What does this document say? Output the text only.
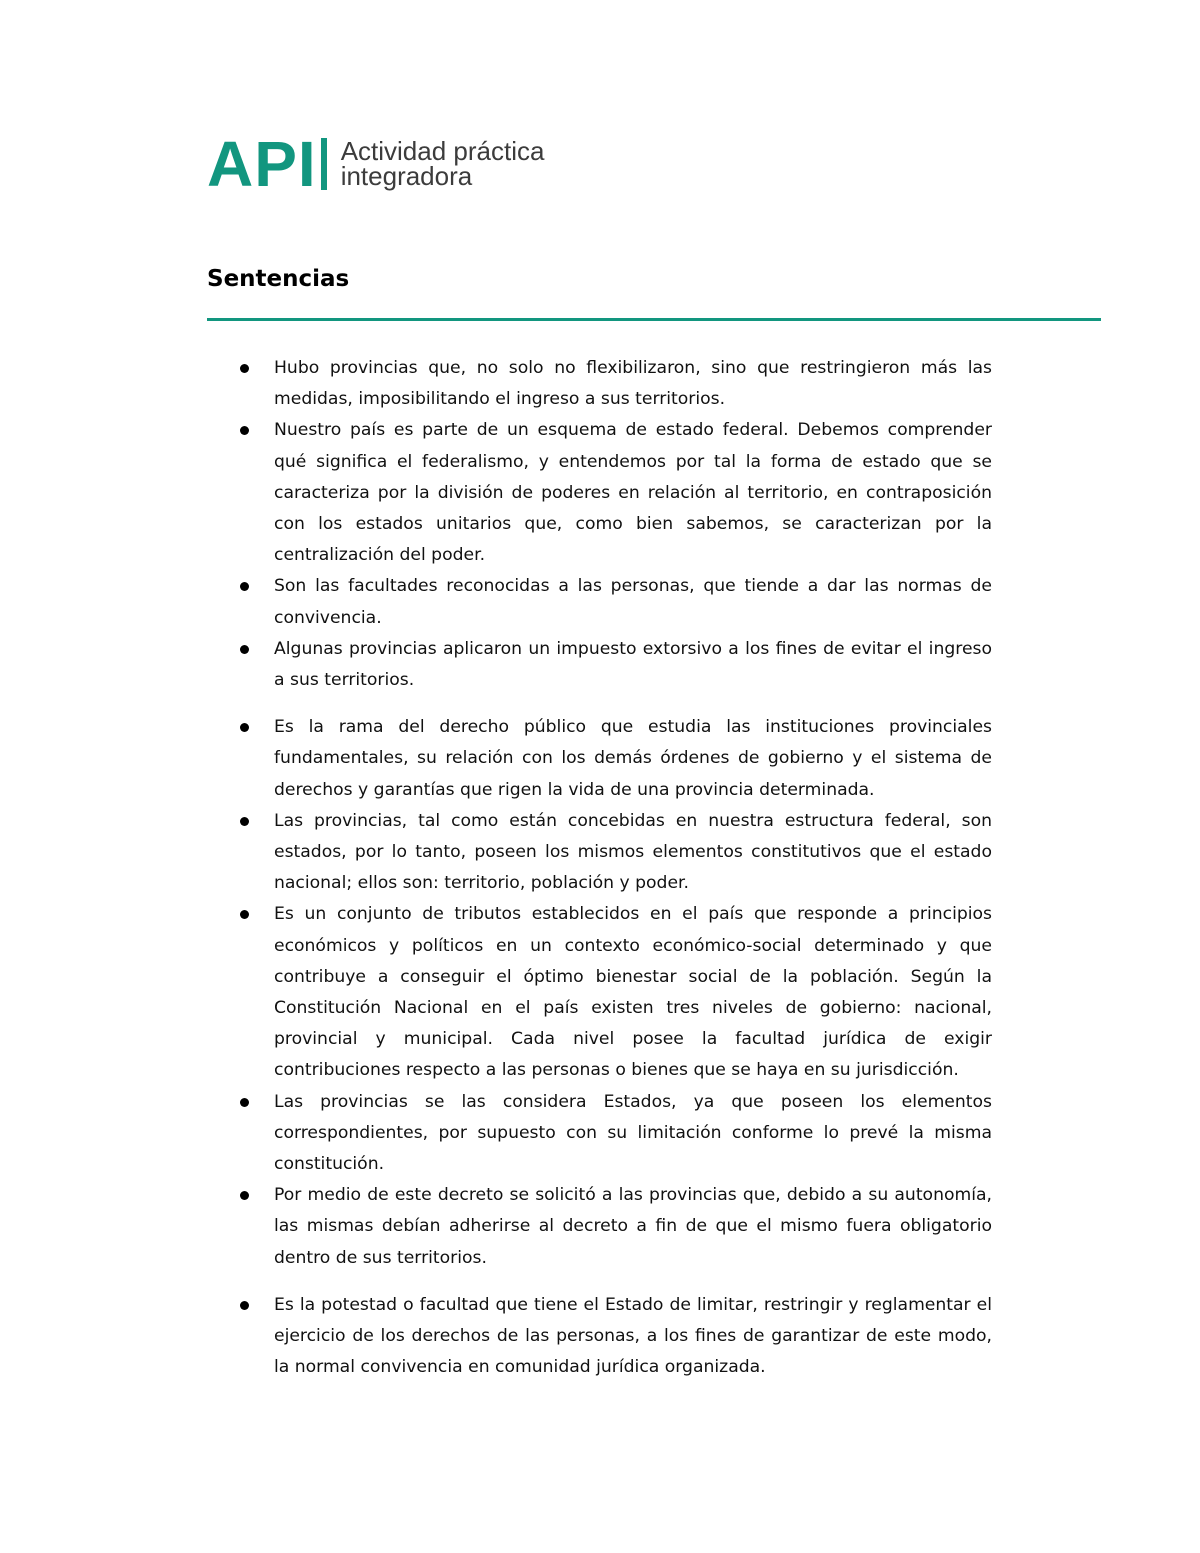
API Actividad práctica
integradora
Sentencias
Hubo provincias que, no solo no flexibilizaron, sino que restringieron más las medidas, imposibilitando el ingreso a sus territorios.
Nuestro país es parte de un esquema de estado federal. Debemos comprender qué significa el federalismo, y entendemos por tal la forma de estado que se caracteriza por la división de poderes en relación al territorio, en contraposición con los estados unitarios que, como bien sabemos, se caracterizan por la centralización del poder.
Son las facultades reconocidas a las personas, que tiende a dar las normas de convivencia.
Algunas provincias aplicaron un impuesto extorsivo a los fines de evitar el ingreso a sus territorios.
Es la rama del derecho público que estudia las instituciones provinciales fundamentales, su relación con los demás órdenes de gobierno y el sistema de derechos y garantías que rigen la vida de una provincia determinada.
Las provincias, tal como están concebidas en nuestra estructura federal, son estados, por lo tanto, poseen los mismos elementos constitutivos que el estado nacional; ellos son: territorio, población y poder.
Es un conjunto de tributos establecidos en el país que responde a principios económicos y políticos en un contexto económico-social determinado y que contribuye a conseguir el óptimo bienestar social de la población. Según la Constitución Nacional en el país existen tres niveles de gobierno: nacional, provincial y municipal. Cada nivel posee la facultad jurídica de exigir contribuciones respecto a las personas o bienes que se haya en su jurisdicción.
Las provincias se las considera Estados, ya que poseen los elementos correspondientes, por supuesto con su limitación conforme lo prevé la misma constitución.
Por medio de este decreto se solicitó a las provincias que, debido a su autonomía, las mismas debían adherirse al decreto a fin de que el mismo fuera obligatorio dentro de sus territorios.
Es la potestad o facultad que tiene el Estado de limitar, restringir y reglamentar el ejercicio de los derechos de las personas, a los fines de garantizar de este modo, la normal convivencia en comunidad jurídica organizada.
